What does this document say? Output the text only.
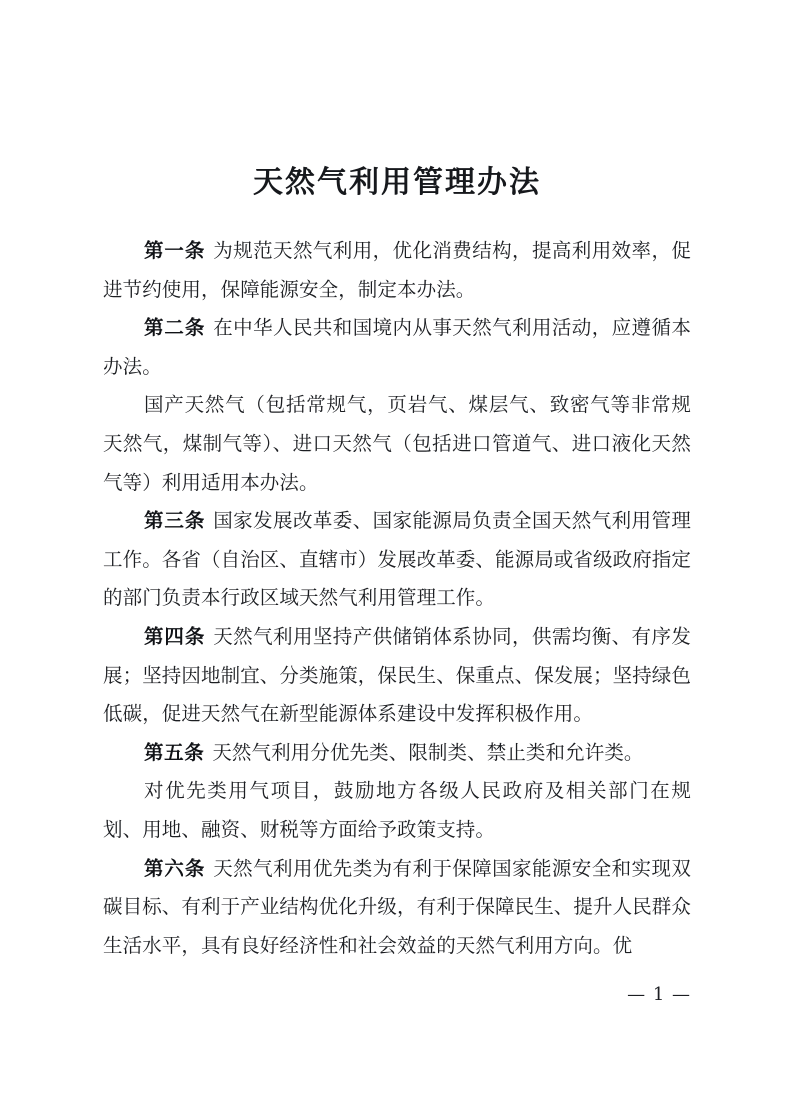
天然气利用管理办法

第一条 为规范天然气利用，优化消费结构，提高利用效率，促进节约使用，保障能源安全，制定本办法。

第二条 在中华人民共和国境内从事天然气利用活动，应遵循本办法。

国产天然气（包括常规气，页岩气、煤层气、致密气等非常规天然气，煤制气等）、进口天然气（包括进口管道气、进口液化天然气等）利用适用本办法。

第三条 国家发展改革委、国家能源局负责全国天然气利用管理工作。各省（自治区、直辖市）发展改革委、能源局或省级政府指定的部门负责本行政区域天然气利用管理工作。

第四条 天然气利用坚持产供储销体系协同，供需均衡、有序发展；坚持因地制宜、分类施策，保民生、保重点、保发展；坚持绿色低碳，促进天然气在新型能源体系建设中发挥积极作用。

第五条 天然气利用分优先类、限制类、禁止类和允许类。

对优先类用气项目，鼓励地方各级人民政府及相关部门在规划、用地、融资、财税等方面给予政策支持。

第六条 天然气利用优先类为有利于保障国家能源安全和实现双碳目标、有利于产业结构优化升级，有利于保障民生、提升人民群众生活水平，具有良好经济性和社会效益的天然气利用方向。优

— 1 —
